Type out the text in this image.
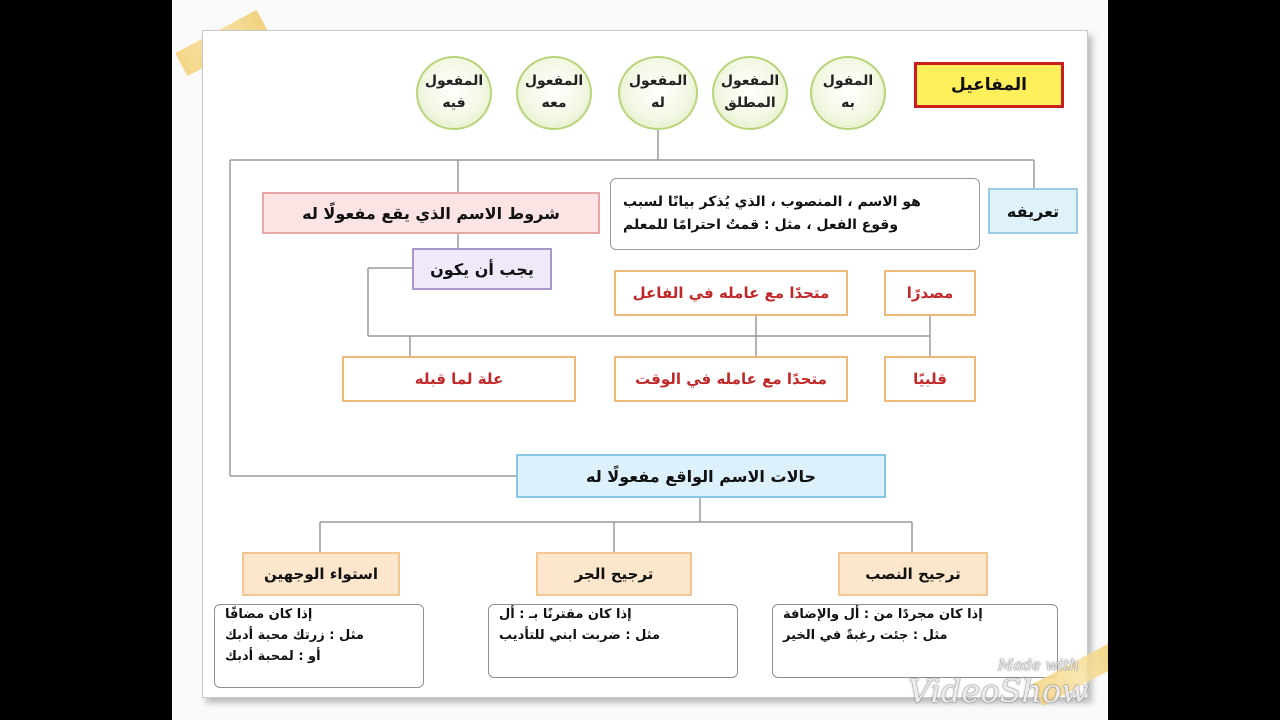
المفاعيل
المفول
به
المفعول
المطلق
المفعول
له
المفعول
معه
المفعول
فيه
تعريفه
هو الاسم ، المنصوب ، الذي يُذكر بيانًا لسبب
وقوع الفعل ، مثل : قمتُ احترامًا للمعلم
شروط الاسم الذي يقع مفعولًا له
يجب أن يكون
مصدرًا
متحدًا مع عامله في الفاعل
قلبيًا
متحدًا مع عامله في الوقت
علة لما قبله
حالات الاسم الواقع مفعولًا له
ترجيح النصب
ترجيح الجر
استواء الوجهين
إذا كان مجردًا من : أل والإضافة
مثل : جئت رغبةً في الخير
إذا كان مقترنًا بـ : أل
مثل : ضربت ابني للتأديب
إذا كان مضافًا
مثل : زرتك محبة أدبك
أو : لمحبة أدبك	Made with
VideoShow
